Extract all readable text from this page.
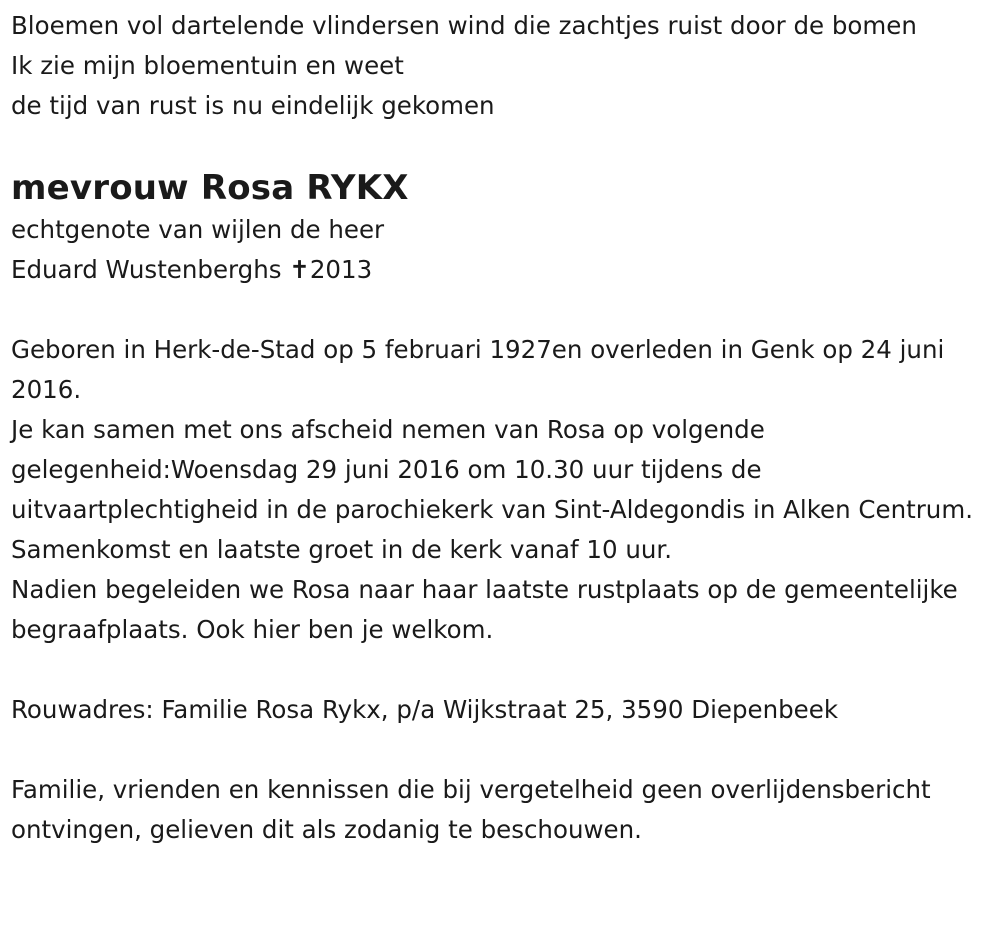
Bloemen vol dartelende vlindersen wind die zachtjes ruist door de bomen

Ik zie mijn bloementuin en weet

de tijd van rust is nu eindelijk gekomen

mevrouw Rosa RYKX

echtgenote van wijlen de heer

Eduard Wustenberghs ✝2013

Geboren in Herk-de-Stad op 5 februari 1927en overleden in Genk op 24 juni 2016.

Je kan samen met ons afscheid nemen van Rosa op volgende gelegenheid:Woensdag 29 juni 2016 om 10.30 uur tijdens de uitvaartplechtigheid in de parochiekerk van Sint-Aldegondis in Alken Centrum.

Samenkomst en laatste groet in de kerk vanaf 10 uur.

Nadien begeleiden we Rosa naar haar laatste rustplaats op de gemeentelijke begraafplaats. Ook hier ben je welkom.

Rouwadres: Familie Rosa Rykx, p/a Wijkstraat 25, 3590 Diepenbeek

Familie, vrienden en kennissen die bij vergetelheid geen overlijdensbericht ontvingen, gelieven dit als zodanig te beschouwen.
